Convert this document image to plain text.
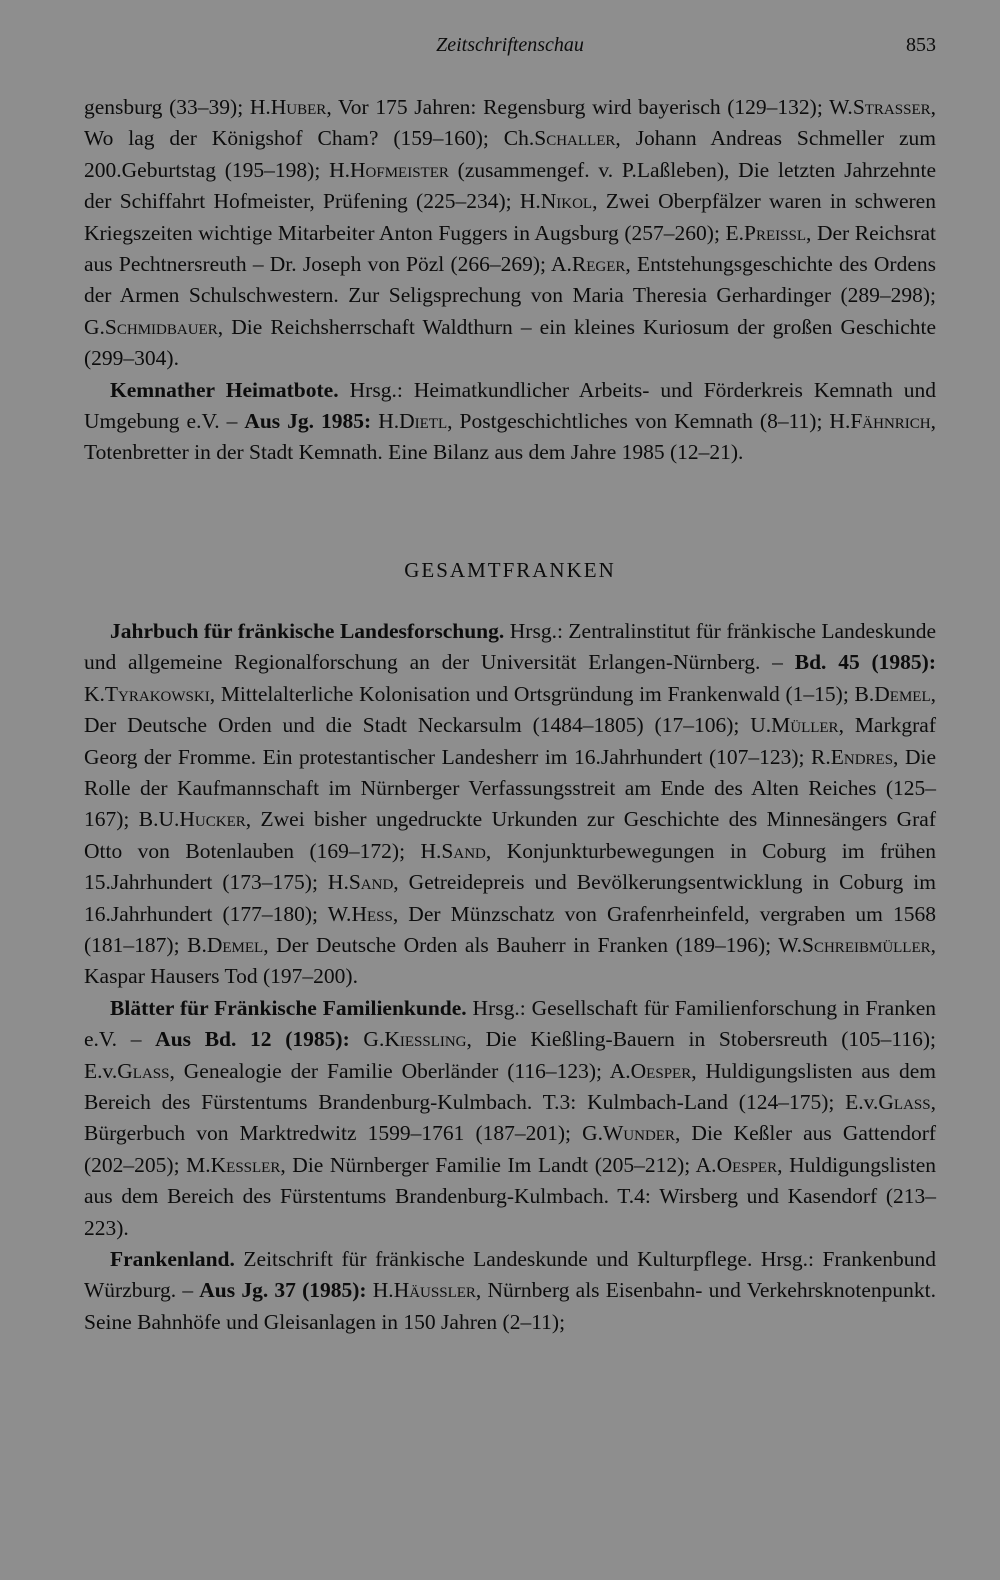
Zeitschriftenschau	853

gensburg (33–39); H.Huber, Vor 175 Jahren: Regensburg wird bayerisch (129–132); W.Strasser, Wo lag der Königshof Cham? (159–160); Ch.Schaller, Johann Andreas Schmeller zum 200.Geburtstag (195–198); H.Hofmeister (zusammengef. v. P.Laßleben), Die letzten Jahrzehnte der Schiffahrt Hofmeister, Prüfening (225–234); H.Nikol, Zwei Oberpfälzer waren in schweren Kriegszeiten wichtige Mitarbeiter Anton Fuggers in Augsburg (257–260); E.Preissl, Der Reichsrat aus Pechtnersreuth – Dr. Joseph von Pözl (266–269); A.Reger, Entstehungsgeschichte des Ordens der Armen Schulschwestern. Zur Seligsprechung von Maria Theresia Gerhardinger (289–298); G.Schmidbauer, Die Reichsherrschaft Waldthurn – ein kleines Kuriosum der großen Geschichte (299–304).

Kemnather Heimatbote. Hrsg.: Heimatkundlicher Arbeits- und Förderkreis Kemnath und Umgebung e.V. – Aus Jg. 1985: H.Dietl, Postgeschichtliches von Kemnath (8–11); H.Fähnrich, Totenbretter in der Stadt Kemnath. Eine Bilanz aus dem Jahre 1985 (12–21).

GESAMTFRANKEN

Jahrbuch für fränkische Landesforschung. Hrsg.: Zentralinstitut für fränkische Landeskunde und allgemeine Regionalforschung an der Universität Erlangen-Nürnberg. – Bd. 45 (1985): K.Tyrakowski, Mittelalterliche Kolonisation und Ortsgründung im Frankenwald (1–15); B.Demel, Der Deutsche Orden und die Stadt Neckarsulm (1484–1805) (17–106); U.Müller, Markgraf Georg der Fromme. Ein protestantischer Landesherr im 16.Jahrhundert (107–123); R.Endres, Die Rolle der Kaufmannschaft im Nürnberger Verfassungsstreit am Ende des Alten Reiches (125–167); B.U.Hucker, Zwei bisher ungedruckte Urkunden zur Geschichte des Minnesängers Graf Otto von Botenlauben (169–172); H.Sand, Konjunkturbewegungen in Coburg im frühen 15.Jahrhundert (173–175); H.Sand, Getreidepreis und Bevölkerungsentwicklung in Coburg im 16.Jahrhundert (177–180); W.Hess, Der Münzschatz von Grafenrheinfeld, vergraben um 1568 (181–187); B.Demel, Der Deutsche Orden als Bauherr in Franken (189–196); W.Schreibmüller, Kaspar Hausers Tod (197–200).

Blätter für Fränkische Familienkunde. Hrsg.: Gesellschaft für Familienforschung in Franken e.V. – Aus Bd. 12 (1985): G.Kiessling, Die Kießling-Bauern in Stobersreuth (105–116); E.v.Glass, Genealogie der Familie Oberländer (116–123); A.Oesper, Huldigungslisten aus dem Bereich des Fürstentums Brandenburg-Kulmbach. T.3: Kulmbach-Land (124–175); E.v.Glass, Bürgerbuch von Marktredwitz 1599–1761 (187–201); G.Wunder, Die Keßler aus Gattendorf (202–205); M.Kessler, Die Nürnberger Familie Im Landt (205–212); A.Oesper, Huldigungslisten aus dem Bereich des Fürstentums Brandenburg-Kulmbach. T.4: Wirsberg und Kasendorf (213–223).

Frankenland. Zeitschrift für fränkische Landeskunde und Kulturpflege. Hrsg.: Frankenbund Würzburg. – Aus Jg. 37 (1985): H.Häussler, Nürnberg als Eisenbahn- und Verkehrsknotenpunkt. Seine Bahnhöfe und Gleisanlagen in 150 Jahren (2–11);
